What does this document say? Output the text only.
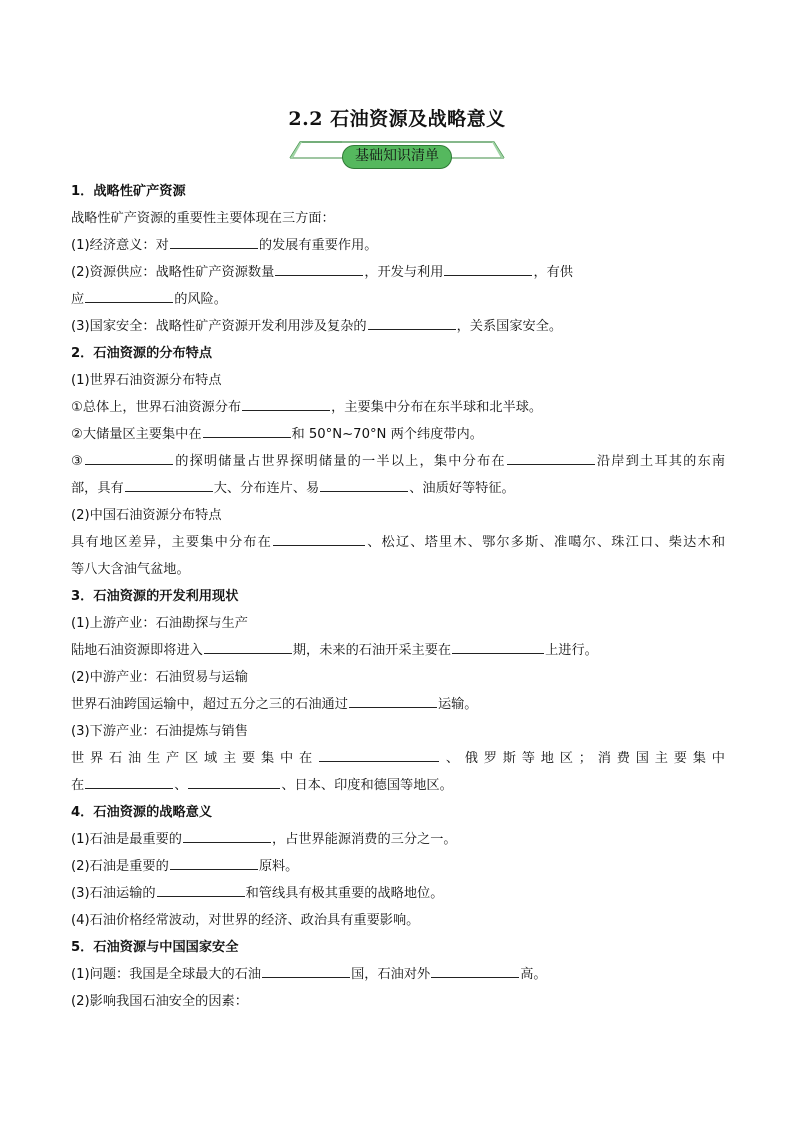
2.2 石油资源及战略意义
基础知识清单
1．战略性矿产资源
战略性矿产资源的重要性主要体现在三方面：
(1)经济意义：对	的发展有重要作用。
(2)资源供应：战略性矿产资源数量	，开发与利用	，有供
应	的风险。
(3)国家安全：战略性矿产资源开发利用涉及复杂的	，关系国家安全。
2．石油资源的分布特点
(1)世界石油资源分布特点
①总体上，世界石油资源分布	，主要集中分布在东半球和北半球。
②大储量区主要集中在	和 50°N~70°N 两个纬度带内。
③	的探明储量占世界探明储量的一半以上，集中分布在	沿岸到土耳其的东南
部，具有	大、分布连片、易	、油质好等特征。
(2)中国石油资源分布特点
具有地区差异，主要集中分布在	、松辽、塔里木、鄂尔多斯、准噶尔、珠江口、柴达木和
等八大含油气盆地。
3．石油资源的开发利用现状
(1)上游产业：石油勘探与生产
陆地石油资源即将进入	期，未来的石油开采主要在	上进行。
(2)中游产业：石油贸易与运输
世界石油跨国运输中，超过五分之三的石油通过	运输。
(3)下游产业：石油提炼与销售
世界石油生产区域主要集中在	、俄罗斯等地区；消费国主要集中
在	、	、日本、印度和德国等地区。
4．石油资源的战略意义
(1)石油是最重要的	，占世界能源消费的三分之一。
(2)石油是重要的	原料。
(3)石油运输的	和管线具有极其重要的战略地位。
(4)石油价格经常波动，对世界的经济、政治具有重要影响。
5．石油资源与中国国家安全
(1)问题：我国是全球最大的石油	国，石油对外	高。
(2)影响我国石油安全的因素：
